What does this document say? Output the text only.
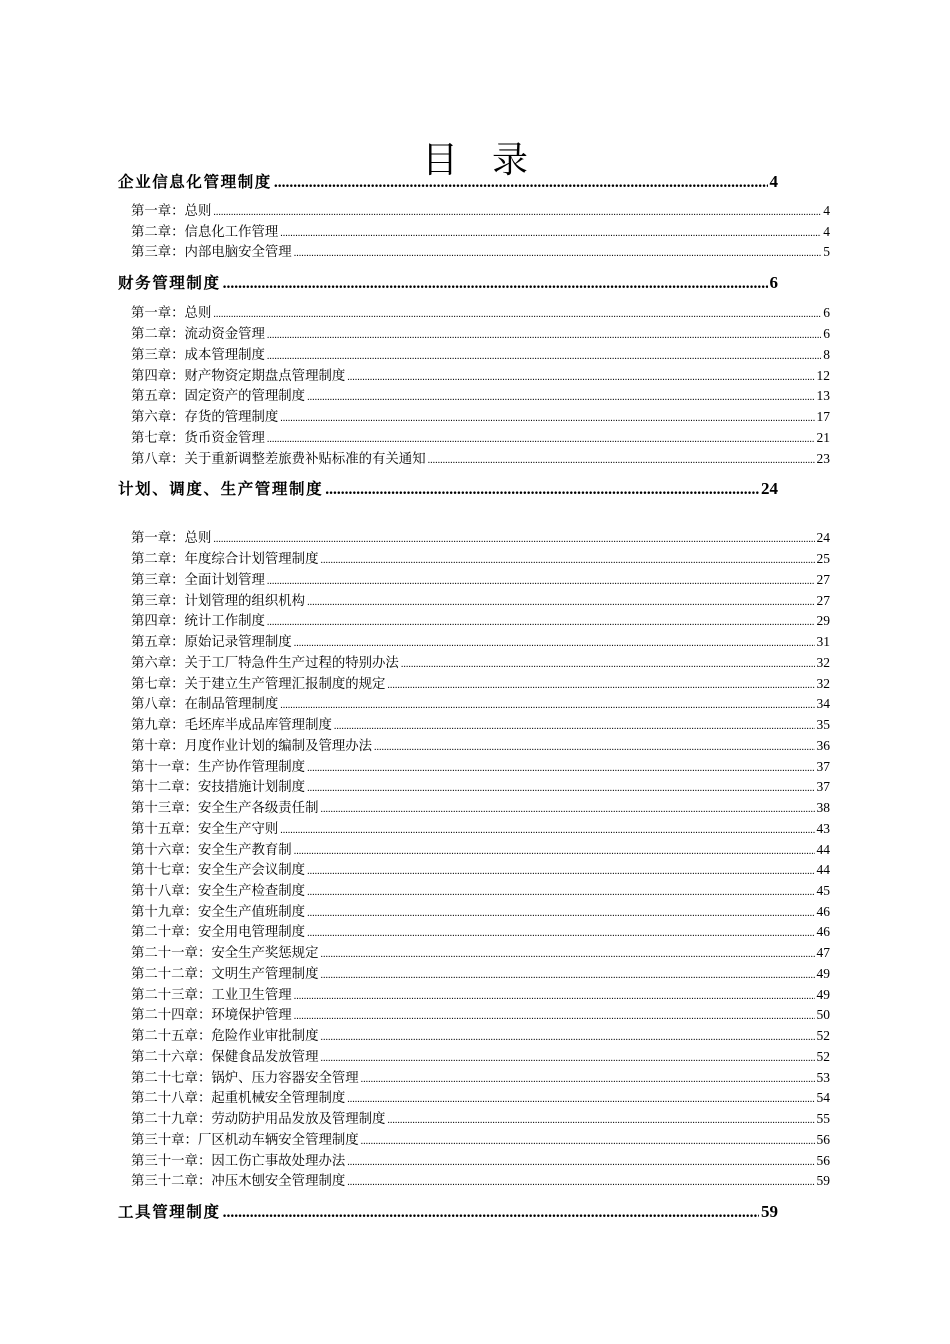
目 录
企业信息化管理制度 .....	4
第一章：总则 .....	4
第二章：信息化工作管理 .....	4
第三章：内部电脑安全管理 .....	5
财务管理制度 .....	6
第一章：总则 .....	6
第二章：流动资金管理 .....	6
第三章：成本管理制度 .....	8
第四章：财产物资定期盘点管理制度 .....	12
第五章：固定资产的管理制度 .....	13
第六章：存货的管理制度 .....	17
第七章：货币资金管理 .....	21
第八章：关于重新调整差旅费补贴标准的有关通知 .....	23
计划、调度、生产管理制度 .....	24
第一章：总则 .....	24
第二章：年度综合计划管理制度 .....	25
第三章：全面计划管理 .....	27
第三章：计划管理的组织机构 .....	27
第四章：统计工作制度 .....	29
第五章：原始记录管理制度 .....	31
第六章：关于工厂特急件生产过程的特别办法 .....	32
第七章：关于建立生产管理汇报制度的规定 .....	32
第八章：在制品管理制度 .....	34
第九章：毛坯库半成品库管理制度 .....	35
第十章：月度作业计划的编制及管理办法 .....	36
第十一章：生产协作管理制度 .....	37
第十二章：安技措施计划制度 .....	37
第十三章：安全生产各级责任制 .....	38
第十五章：安全生产守则 .....	43
第十六章：安全生产教育制 .....	44
第十七章：安全生产会议制度 .....	44
第十八章：安全生产检查制度 .....	45
第十九章：安全生产值班制度 .....	46
第二十章：安全用电管理制度 .....	46
第二十一章：安全生产奖惩规定 .....	47
第二十二章：文明生产管理制度 .....	49
第二十三章：工业卫生管理 .....	49
第二十四章：环境保护管理 .....	50
第二十五章：危险作业审批制度 .....	52
第二十六章：保健食品发放管理 .....	52
第二十七章：锅炉、压力容器安全管理 .....	53
第二十八章：起重机械安全管理制度 .....	54
第二十九章：劳动防护用品发放及管理制度 .....	55
第三十章：厂区机动车辆安全管理制度 .....	56
第三十一章：因工伤亡事故处理办法 .....	56
第三十二章：冲压木刨安全管理制度 .....	59
工具管理制度 .....	59
